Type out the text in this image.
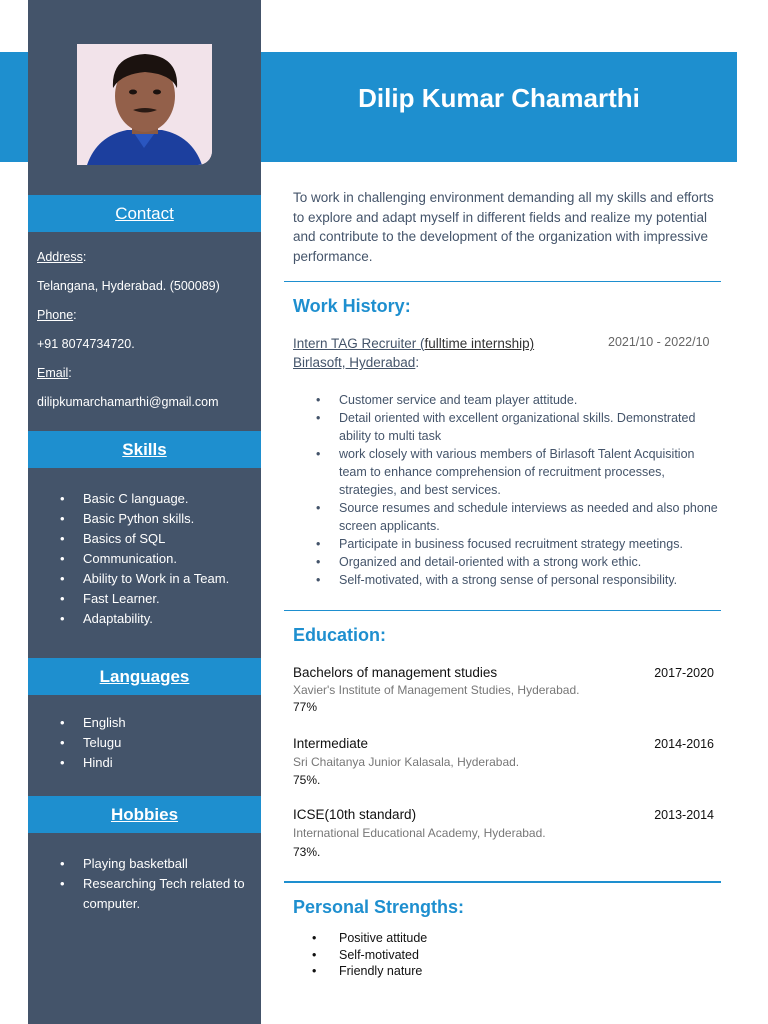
Dilip Kumar Chamarthi
Contact
Address:
Telangana, Hyderabad. (500089)
Phone:
+91 8074734720.
Email:
dilipkumarchamarthi@gmail.com
Skills
• Basic C language.
• Basic Python skills.
• Basics of SQL
• Communication.
• Ability to Work in a Team.
• Fast Learner.
• Adaptability.
Languages
• English
• Telugu
• Hindi
Hobbies
• Playing basketball
• Researching Tech related to computer.
To work in challenging environment demanding all my skills and efforts to explore and adapt myself in different fields and realize my potential and contribute to the development of the organization with impressive performance.
Work History:
Intern TAG Recruiter (fulltime internship)
Birlasoft, Hyderabad:
2021/10 - 2022/10
• Customer service and team player attitude.
• Detail oriented with excellent organizational skills. Demonstrated ability to multi task
• work closely with various members of Birlasoft Talent Acquisition team to enhance comprehension of recruitment processes, strategies, and best services.
• Source resumes and schedule interviews as needed and also phone screen applicants.
• Participate in business focused recruitment strategy meetings.
• Organized and detail-oriented with a strong work ethic.
• Self-motivated, with a strong sense of personal responsibility.
Education:
Bachelors of management studies	2017-2020
Xavier's Institute of Management Studies, Hyderabad.
77%
Intermediate	2014-2016
Sri Chaitanya Junior Kalasala, Hyderabad.
75%.
ICSE(10th standard)	2013-2014
International Educational Academy, Hyderabad.
73%.
Personal Strengths:
• Positive attitude
• Self-motivated
• Friendly nature
